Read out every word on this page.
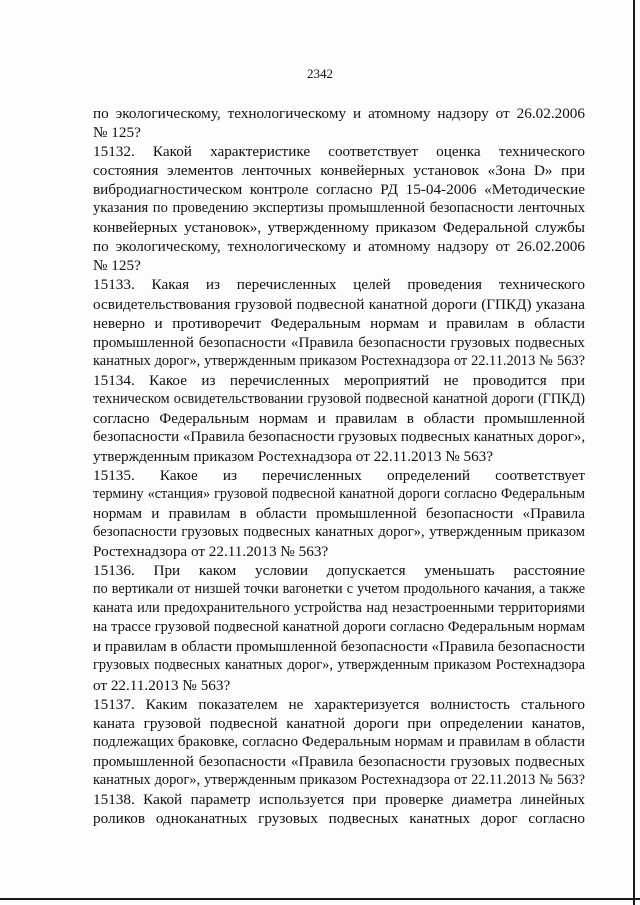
2342
по экологическому, технологическому и атомному надзору от 26.02.2006
№ 125?
15132. Какой характеристике соответствует оценка технического
состояния элементов ленточных конвейерных установок «Зона D» при
вибродиагностическом контроле согласно РД 15-04-2006 «Методические
указания по проведению экспертизы промышленной безопасности ленточных
конвейерных установок», утвержденному приказом Федеральной службы
по экологическому, технологическому и атомному надзору от 26.02.2006
№ 125?
15133. Какая из перечисленных целей проведения технического
освидетельствования грузовой подвесной канатной дороги (ГПКД) указана
неверно и противоречит Федеральным нормам и правилам в области
промышленной безопасности «Правила безопасности грузовых подвесных
канатных дорог», утвержденным приказом Ростехнадзора от 22.11.2013 № 563?
15134. Какое из перечисленных мероприятий не проводится при
техническом освидетельствовании грузовой подвесной канатной дороги (ГПКД)
согласно Федеральным нормам и правилам в области промышленной
безопасности «Правила безопасности грузовых подвесных канатных дорог»,
утвержденным приказом Ростехнадзора от 22.11.2013 № 563?
15135. Какое из перечисленных определений соответствует
термину «станция» грузовой подвесной канатной дороги согласно Федеральным
нормам и правилам в области промышленной безопасности «Правила
безопасности грузовых подвесных канатных дорог», утвержденным приказом
Ростехнадзора от 22.11.2013 № 563?
15136. При каком условии допускается уменьшать расстояние
по вертикали от низшей точки вагонетки с учетом продольного качания, а также
каната или предохранительного устройства над незастроенными территориями
на трассе грузовой подвесной канатной дороги согласно Федеральным нормам
и правилам в области промышленной безопасности «Правила безопасности
грузовых подвесных канатных дорог», утвержденным приказом Ростехнадзора
от 22.11.2013 № 563?
15137. Каким показателем не характеризуется волнистость стального
каната грузовой подвесной канатной дороги при определении канатов,
подлежащих браковке, согласно Федеральным нормам и правилам в области
промышленной безопасности «Правила безопасности грузовых подвесных
канатных дорог», утвержденным приказом Ростехнадзора от 22.11.2013 № 563?
15138. Какой параметр используется при проверке диаметра линейных
роликов одноканатных грузовых подвесных канатных дорог согласно
